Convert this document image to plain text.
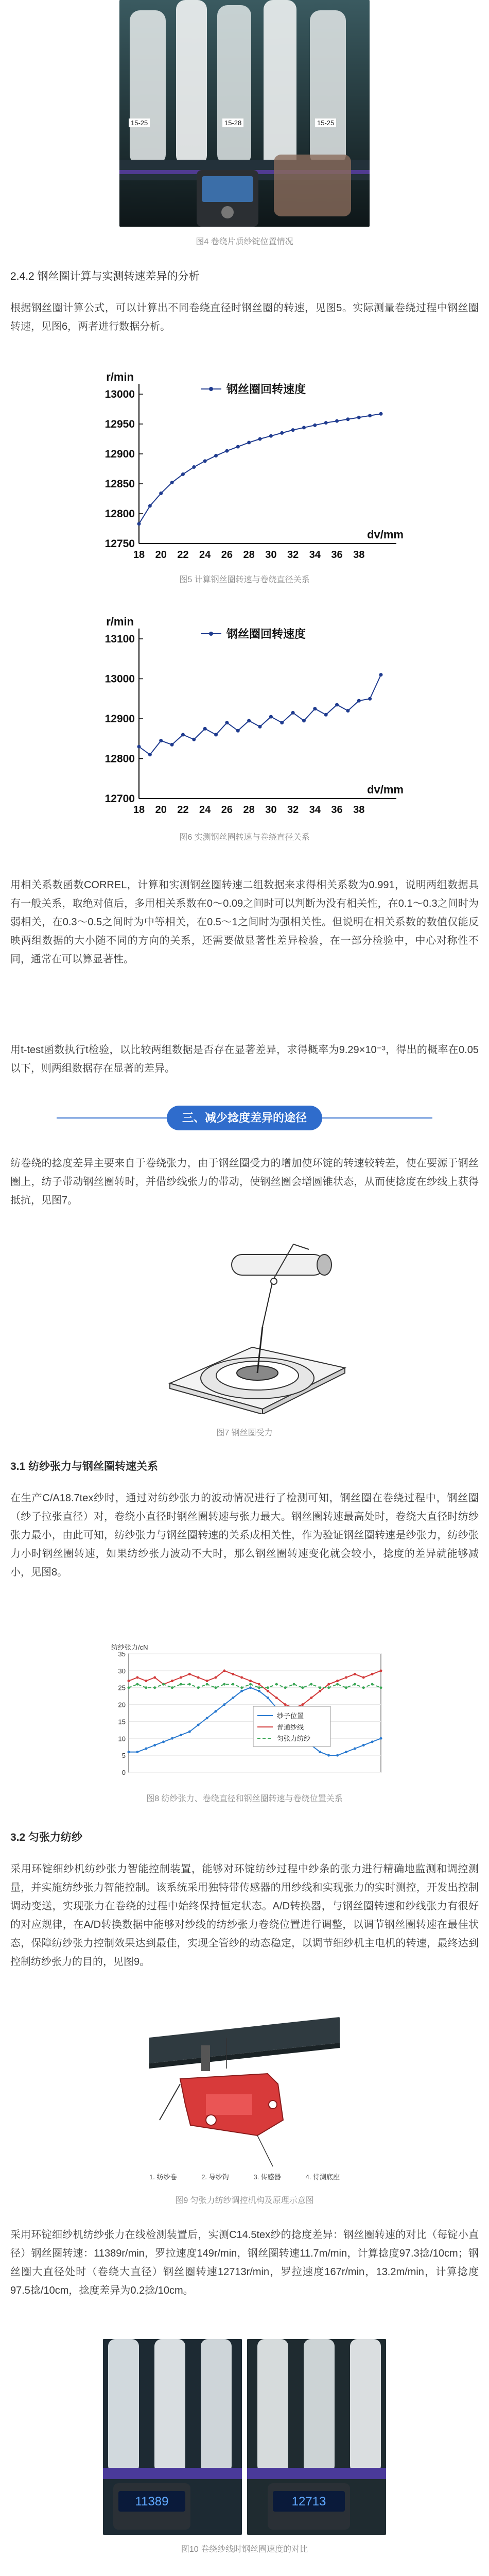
15-25	15-28	15-25
图4 卷绕片质纱锭位置情况
2.4.2 钢丝圈计算与实测转速差异的分析
根据钢丝圈计算公式，可以计算出不同卷绕直径时钢丝圈的转速，见图5。实际测量卷绕过程中钢丝圈转速，见图6，两者进行数据分析。
r/min
dv/mm
12750
12800
12850
12900
12950
13000
18 20 22 24 26 28 30 32 34 36 38
钢丝圈回转速度
图5 计算钢丝圈转速与卷绕直径关系
r/min
dv/mm
12700
12800
12900
13000
13100
18 20 22 24 26 28 30 32 34 36 38
钢丝圈回转速度
图6 实测钢丝圈转速与卷绕直径关系
用相关系数函数CORREL，计算和实测钢丝圈转速二组数据来求得相关系数为0.991，说明两组数据具有一般关系，取绝对值后，多用相关系数在0～0.09之间时可以判断为没有相关性，在0.1～0.3之间时为弱相关，在0.3～0.5之间时为中等相关，在0.5～1之间时为强相关性。但说明在相关系数的数值仅能反映两组数据的大小随不同的方向的关系，还需要做显著性差异检验，在一部分检验中，中心对称性不同，通常在可以算显著性。
用t-test函数执行t检验，以比较两组数据是否存在显著差异，求得概率为9.29×10⁻³，得出的概率在0.05以下，则两组数据存在显著的差异。
三、减少捻度差异的途径
纺卷绕的捻度差异主要来自于卷绕张力，由于钢丝圈受力的增加使环锭的转速较转差，使在要源于钢丝圈上，纺子带动钢丝圈转时，并借纱线张力的带动，使钢丝圈会增圆锥状态，从而使捻度在纱线上获得抵抗，见图7。
图7 钢丝圈受力
3.1 纺纱张力与钢丝圈转速关系
在生产C/A18.7tex纱时，通过对纺纱张力的波动情况进行了检测可知，钢丝圈在卷绕过程中，钢丝圈（纱子拉张直径）对，卷绕小直径时钢丝圈转速与张力最大。钢丝圈转速最高处时，卷绕大直径时纺纱张力最小，由此可知，纺纱张力与钢丝圈转速的关系成相关性，作为验证钢丝圈转速是纱张力，纺纱张力小时钢丝圈转速，如果纺纱张力波动不大时，那么钢丝圈转速变化就会较小，捻度的差异就能够减小，见图8。
0
5
10
15
20
25
30
35
纺纱张力/cN
纱子位置
普通纱线
匀张力纺纱
图8 纺纱张力、卷绕直径和钢丝圈转速与卷绕位置关系
3.2 匀张力纺纱
采用环锭细纱机纺纱张力智能控制装置，能够对环锭纺纱过程中纱条的张力进行精确地监测和调控测量，并实施纺纱张力智能控制。该系统采用独特带传感器的用纱线和实现张力的实时测控，开发出控制调动变送，实现张力在卷绕的过程中始终保持恒定状态。A/D转换器，与钢丝圈转速和纱线张力有很好的对应规律，在A/D转换数据中能够对纱线的纺纱张力卷绕位置进行调整，以调节钢丝圈转速在最佳状态，保障纺纱张力控制效果达到最佳，实现全管纱的动态稳定，以调节细纱机主电机的转速，最终达到控制纺纱张力的目的，见图9。
1. 纺纱卷	2. 导纱钩	3. 传感器	4. 待测底座
图9 匀张力纺纱调控机构及原理示意图
采用环锭细纱机纺纱张力在线检测装置后，实测C14.5tex纱的捻度差异：钢丝圈转速的对比（每锭小直径）钢丝圈转速：11389r/min，罗拉速度149r/min，钢丝圈转速11.7m/min，计算捻度97.3捻/10cm；钢丝圈大直径处时（卷绕大直径）钢丝圈转速12713r/min，罗拉速度167r/min，13.2m/min，计算捻度97.5捻/10cm，捻度差异为0.2捻/10cm。
11389	12713
图10 卷绕纱线时钢丝圈速度的对比
